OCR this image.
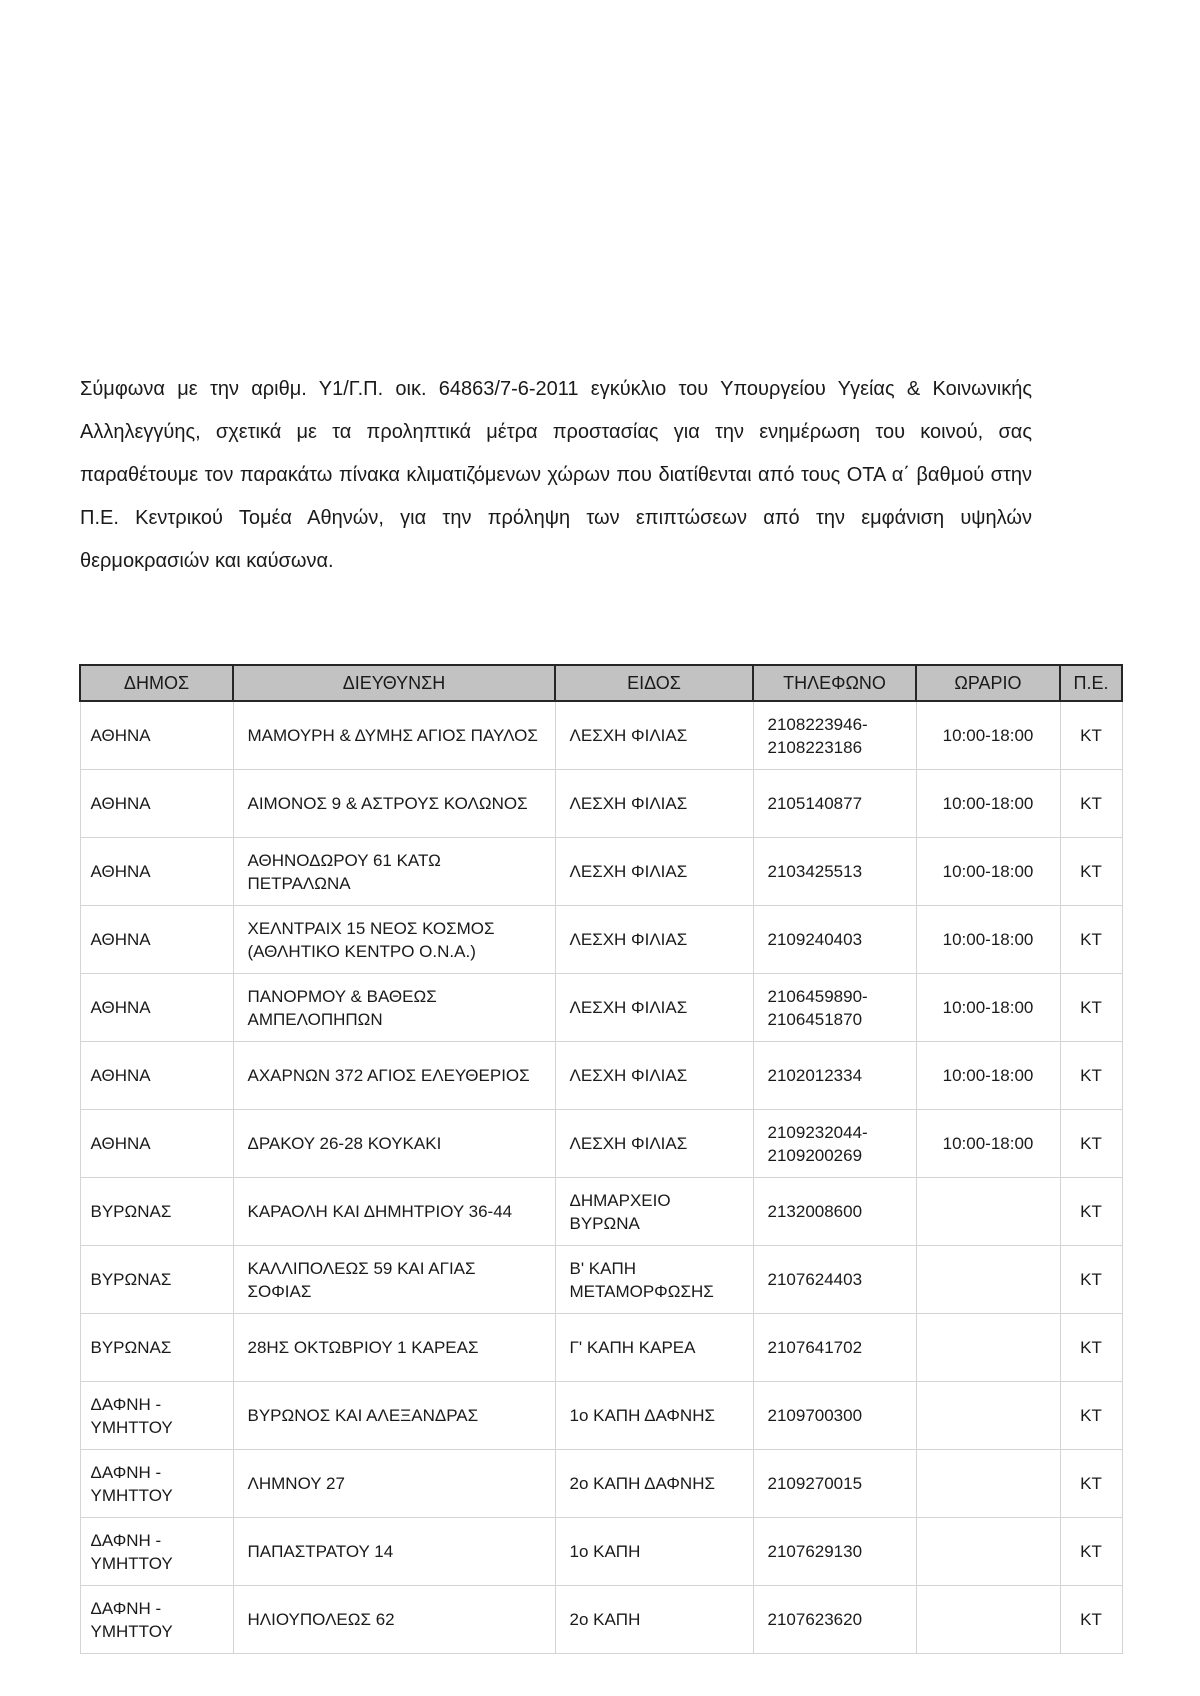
Σύμφωνα με την αριθμ. Υ1/Γ.Π. οικ. 64863/7-6-2011 εγκύκλιο του Υπουργείου Υγείας & Κοινωνικής Αλληλεγγύης, σχετικά με τα προληπτικά μέτρα προστασίας για την ενημέρωση του κοινού, σας παραθέτουμε τον παρακάτω πίνακα κλιματιζόμενων χώρων που διατίθενται από τους ΟΤΑ α΄ βαθμού στην Π.Ε. Κεντρικού Τομέα Αθηνών, για την πρόληψη των επιπτώσεων από την εμφάνιση υψηλών θερμοκρασιών και καύσωνα.

ΔΗΜΟΣ	ΔΙΕΥΘΥΝΣΗ	ΕΙΔΟΣ	ΤΗΛΕΦΩΝΟ	ΩΡΑΡΙΟ	Π.Ε.
ΑΘΗΝΑ	ΜΑΜΟΥΡΗ & ΔΥΜΗΣ ΑΓΙΟΣ ΠΑΥΛΟΣ	ΛΕΣΧΗ ΦΙΛΙΑΣ	2108223946-2108223186	10:00-18:00	ΚΤ
ΑΘΗΝΑ	ΑΙΜΟΝΟΣ 9 & ΑΣΤΡΟΥΣ ΚΟΛΩΝΟΣ	ΛΕΣΧΗ ΦΙΛΙΑΣ	2105140877	10:00-18:00	ΚΤ
ΑΘΗΝΑ	ΑΘΗΝΟΔΩΡΟΥ 61 ΚΑΤΩ ΠΕΤΡΑΛΩΝΑ	ΛΕΣΧΗ ΦΙΛΙΑΣ	2103425513	10:00-18:00	ΚΤ
ΑΘΗΝΑ	ΧΕΛΝΤΡΑΙΧ 15 ΝΕΟΣ ΚΟΣΜΟΣ (ΑΘΛΗΤΙΚΟ ΚΕΝΤΡΟ Ο.Ν.Α.)	ΛΕΣΧΗ ΦΙΛΙΑΣ	2109240403	10:00-18:00	ΚΤ
ΑΘΗΝΑ	ΠΑΝΟΡΜΟΥ & ΒΑΘΕΩΣ ΑΜΠΕΛΟΠΗΠΩΝ	ΛΕΣΧΗ ΦΙΛΙΑΣ	2106459890-2106451870	10:00-18:00	ΚΤ
ΑΘΗΝΑ	ΑΧΑΡΝΩΝ 372 ΑΓΙΟΣ ΕΛΕΥΘΕΡΙΟΣ	ΛΕΣΧΗ ΦΙΛΙΑΣ	2102012334	10:00-18:00	ΚΤ
ΑΘΗΝΑ	ΔΡΑΚΟΥ 26-28 ΚΟΥΚΑΚΙ	ΛΕΣΧΗ ΦΙΛΙΑΣ	2109232044-2109200269	10:00-18:00	ΚΤ
ΒΥΡΩΝΑΣ	ΚΑΡΑΟΛΗ ΚΑΙ ΔΗΜΗΤΡΙΟΥ 36-44	ΔΗΜΑΡΧΕΙΟ ΒΥΡΩΝΑ	2132008600		ΚΤ
ΒΥΡΩΝΑΣ	ΚΑΛΛΙΠΟΛΕΩΣ 59 ΚΑΙ ΑΓΙΑΣ ΣΟΦΙΑΣ	Β' ΚΑΠΗ ΜΕΤΑΜΟΡΦΩΣΗΣ	2107624403		ΚΤ
ΒΥΡΩΝΑΣ	28ΗΣ ΟΚΤΩΒΡΙΟΥ 1 ΚΑΡΕΑΣ	Γ' ΚΑΠΗ ΚΑΡΕΑ	2107641702		ΚΤ
ΔΑΦΝΗ - ΥΜΗΤΤΟΥ	ΒΥΡΩΝΟΣ ΚΑΙ ΑΛΕΞΑΝΔΡΑΣ	1ο ΚΑΠΗ ΔΑΦΝΗΣ	2109700300		ΚΤ
ΔΑΦΝΗ - ΥΜΗΤΤΟΥ	ΛΗΜΝΟΥ 27	2ο ΚΑΠΗ ΔΑΦΝΗΣ	2109270015		ΚΤ
ΔΑΦΝΗ - ΥΜΗΤΤΟΥ	ΠΑΠΑΣΤΡΑΤΟΥ 14	1ο ΚΑΠΗ	2107629130		ΚΤ
ΔΑΦΝΗ - ΥΜΗΤΤΟΥ	ΗΛΙΟΥΠΟΛΕΩΣ 62	2ο ΚΑΠΗ	2107623620		ΚΤ
